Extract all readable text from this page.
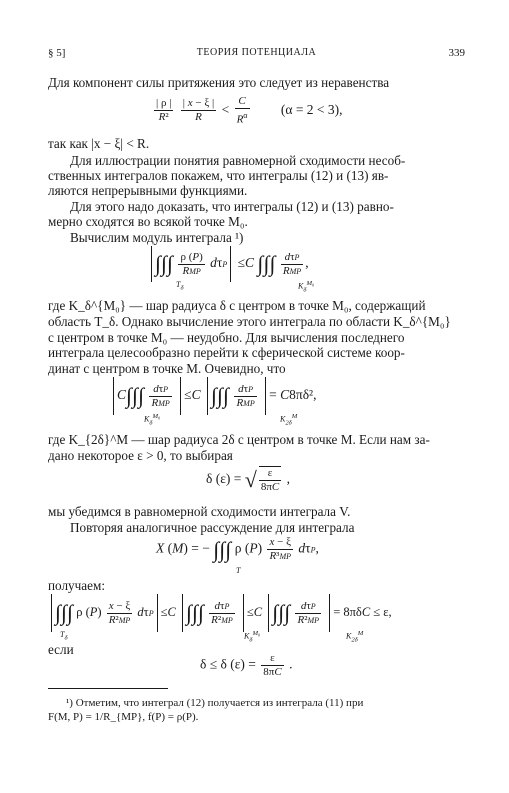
§ 5]	ТЕОРИЯ ПОТЕНЦИАЛА	339
Для компонент силы притяжения это следует из неравенства
$\frac{| \rho |}{\text{R²}}$
$\frac{| x - \xi |}{R} < \frac{C}{R^\alpha} (\alpha = 2 < 3)$,
так как |x − ξ| < R.
Для иллюстрации понятия равномерной сходимости несоб-
ственных интегралов покажем, что интегралы (12) и (13) яв-
ляются непрерывными функциями.
Для этого надо доказать, что интегралы (12) и (13) равно-
мерно сходятся во всякой точке M₀.
Вычислим модуль интеграла ¹)
∫∫∫ $\frac{\rho (P)}{\text{RMP}}$ dτP ≤C ∫∫∫ $\frac{\text{dτP}}{\text{RMP}}$ ,
$T_\delta$	$K_\delta^{M_0}$
где K_δ^{M₀} — шар радиуса δ с центром в точке M₀, содержащий
область T_δ. Однако вычисление этого интеграла по области K_δ^{M₀}
с центром в точке M₀ — неудобно. Для вычисления последнего
интеграла целесообразно перейти к сферической системе коор-
динат с центром в точке M. Очевидно, что
$C\int\int\int \frac{\text{dτP}}{\text{RMP}} \le C$ ∫∫∫ $\frac{\text{dτP}}{\text{RMP}} = C8\pi\delta^2$,
$K_\delta^{M_0}$	$K_{2\delta}^M$
где K_{2δ}^M — шар радиуса 2δ с центром в точке M. Если нам за-
дано некоторое ε > 0, то выбирая
δ (ε) = √ $\frac{\varepsilon}{8\pi C}$ ,
мы убедимся в равномерной сходимости интеграла V.
Повторяя аналогичное рассуждение для интеграла
X (M) = − ∫∫∫ ρ $(P) \frac{x - \xi}{\text{R³MP}} d\tau P$,
T
получаем:
∫∫∫ ρ $(P) \frac{x - \xi}{\text{R²MP}}$ dτP ≤C ∫∫∫ $\frac{\text{dτP}}{\text{R²MP}} \le C$ ∫∫∫ $\frac{\text{dτP}}{\text{R²MP}} = 8\pi\delta C \le \varepsilon$,
$T_\delta$	$K_\delta^{M_0}$	$K_{2\delta}^M$
если
δ ≤ δ $(\varepsilon) = \frac{\varepsilon}{8\pi C}$ .
¹) Отметим, что интеграл (12) получается из интеграла (11) при
F(M, P) = 1/R_{MP}, f(P) = ρ(P).
